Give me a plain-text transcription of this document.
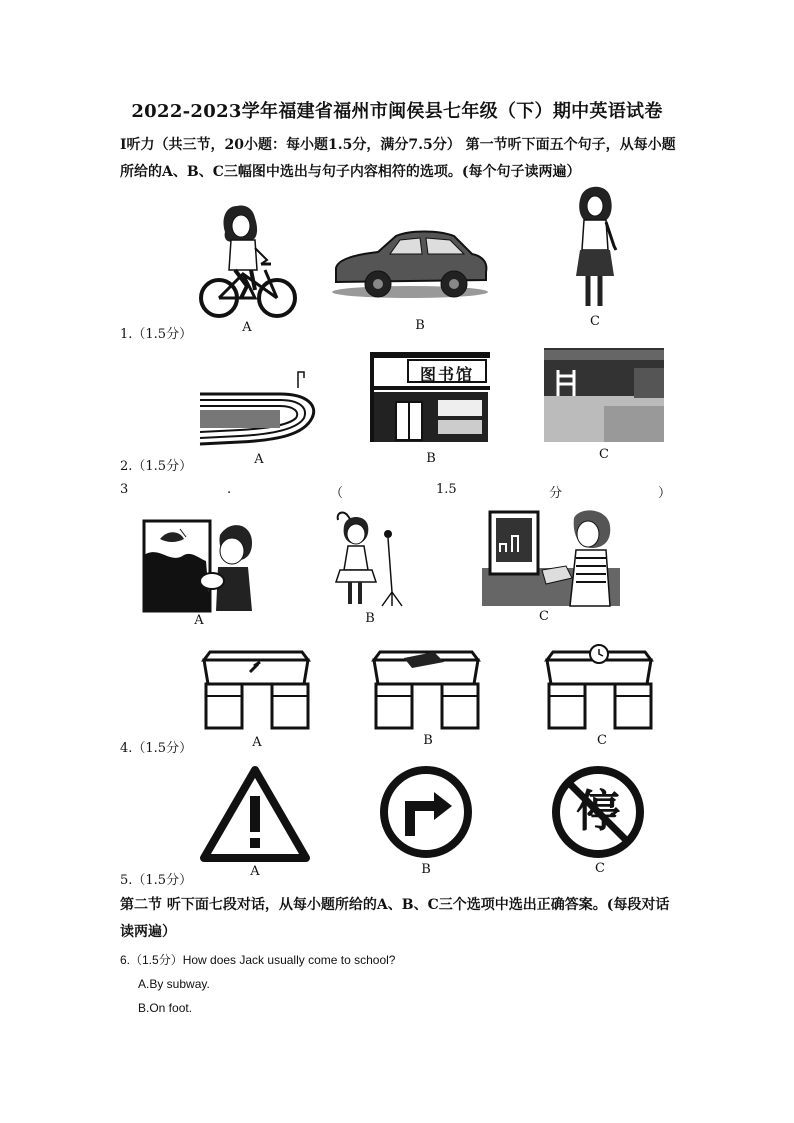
2022-2023学年福建省福州市闽侯县七年级（下）期中英语试卷
Ⅰ听力（共三节，20小题：每小题1.5分，满分7.5分） 第一节听下面五个句子，从每小题
所给的A、B、C三幅图中选出与句子内容相符的选项。(每个句子读两遍）
1.（1.5分）	A	B	C
图书馆
2.（1.5分）	A	B	C
3	.	（	1.5	分	）
A	B	C
4.（1.5分）	A	B	C
停
5.（1.5分）
A	B	C
第二节 听下面七段对话，从每小题所给的A、B、C三个选项中选出正确答案。(每段对话
读两遍）
6.（1.5分）How does Jack usually come to school?
A.By subway.
B.On foot.
